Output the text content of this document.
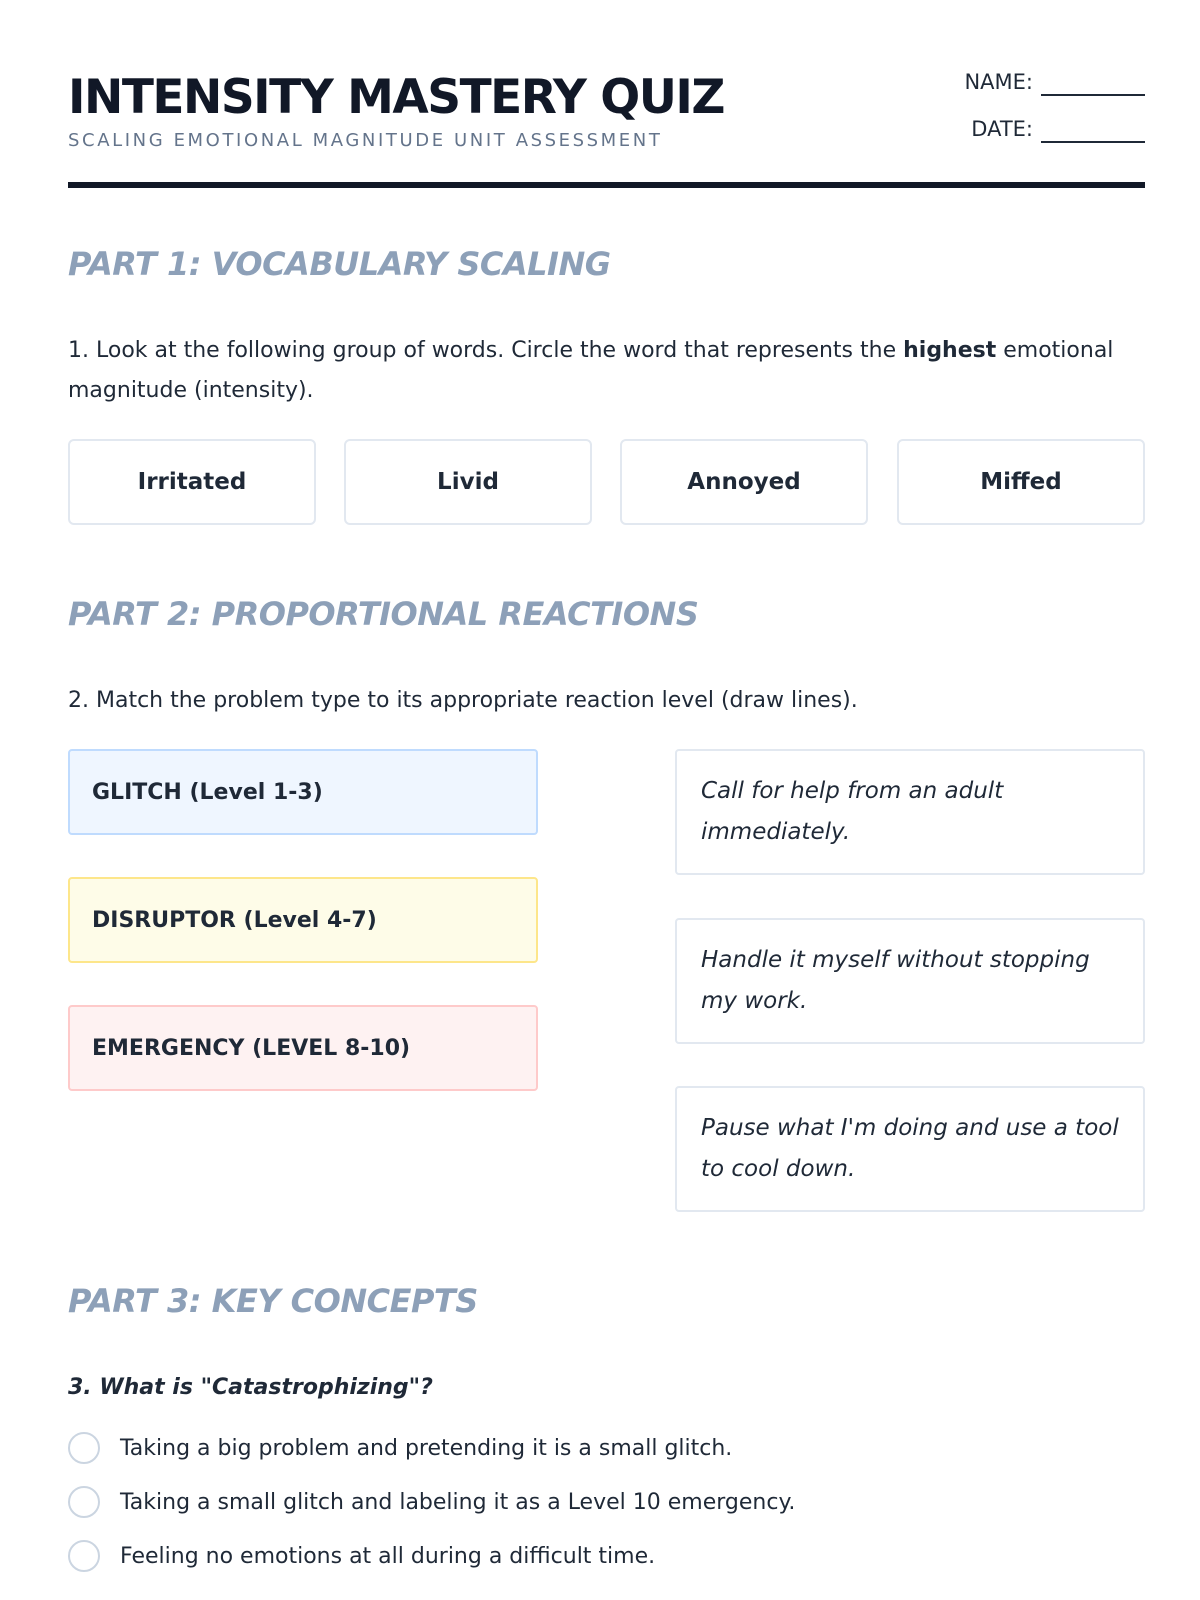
INTENSITY MASTERY QUIZ
SCALING EMOTIONAL MAGNITUDE UNIT ASSESSMENT
NAME:
DATE:
PART 1: VOCABULARY SCALING
1. Look at the following group of words. Circle the word that represents the highest emotional magnitude (intensity).
Irritated	Livid	Annoyed	Miffed
PART 2: PROPORTIONAL REACTIONS
2. Match the problem type to its appropriate reaction level (draw lines).
GLITCH (Level 1-3)
DISRUPTOR (Level 4-7)
EMERGENCY (LEVEL 8-10)
Call for help from an adult immediately.
Handle it myself without stopping my work.
Pause what I'm doing and use a tool to cool down.
PART 3: KEY CONCEPTS
3. What is "Catastrophizing"?
Taking a big problem and pretending it is a small glitch.
Taking a small glitch and labeling it as a Level 10 emergency.
Feeling no emotions at all during a difficult time.
